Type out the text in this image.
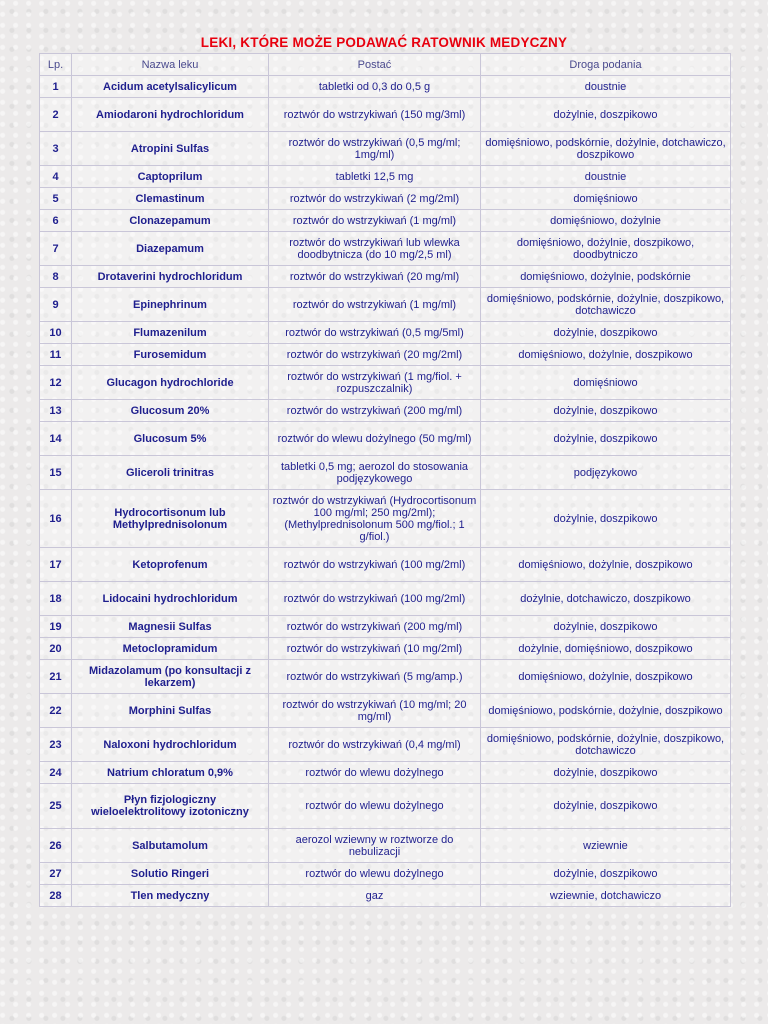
LEKI, KTÓRE MOŻE PODAWAĆ RATOWNIK MEDYCZNY
Lp.	Nazwa leku	Postać	Droga podania
1	Acidum acetylsalicylicum	tabletki od 0,3 do 0,5 g	doustnie
2	Amiodaroni hydrochloridum	roztwór do wstrzykiwań (150 mg/3ml)	dożylnie, doszpikowo
3	Atropini Sulfas	roztwór do wstrzykiwań (0,5 mg/ml; 1mg/ml)	domięśniowo, podskórnie, dożylnie, dotchawiczo, doszpikowo
4	Captoprilum	tabletki 12,5 mg	doustnie
5	Clemastinum	roztwór do wstrzykiwań (2 mg/2ml)	domięśniowo
6	Clonazepamum	roztwór do wstrzykiwań (1 mg/ml)	domięśniowo, dożylnie
7	Diazepamum	roztwór do wstrzykiwań lub wlewka doodbytnicza (do 10 mg/2,5 ml)	domięśniowo, dożylnie, doszpikowo, doodbytniczo
8	Drotaverini hydrochloridum	roztwór do wstrzykiwań (20 mg/ml)	domięśniowo, dożylnie, podskórnie
9	Epinephrinum	roztwór do wstrzykiwań (1 mg/ml)	domięśniowo, podskórnie, dożylnie, doszpikowo, dotchawiczo
10	Flumazenilum	roztwór do wstrzykiwań (0,5 mg/5ml)	dożylnie, doszpikowo
11	Furosemidum	roztwór do wstrzykiwań (20 mg/2ml)	domięśniowo, dożylnie, doszpikowo
12	Glucagon hydrochloride	roztwór do wstrzykiwań (1 mg/fiol. + rozpuszczalnik)	domięśniowo
13	Glucosum 20%	roztwór do wstrzykiwań (200 mg/ml)	dożylnie, doszpikowo
14	Glucosum 5%	roztwór do wlewu dożylnego (50 mg/ml)	dożylnie, doszpikowo
15	Gliceroli trinitras	tabletki 0,5 mg; aerozol do stosowania podjęzykowego	podjęzykowo
16	Hydrocortisonum lub Methylprednisolonum	roztwór do wstrzykiwań (Hydrocortisonum 100 mg/ml; 250 mg/2ml); (Methylprednisolonum 500 mg/fiol.; 1 g/fiol.)	dożylnie, doszpikowo
17	Ketoprofenum	roztwór do wstrzykiwań (100 mg/2ml)	domięśniowo, dożylnie, doszpikowo
18	Lidocaini hydrochloridum	roztwór do wstrzykiwań (100 mg/2ml)	dożylnie, dotchawiczo, doszpikowo
19	Magnesii Sulfas	roztwór do wstrzykiwań (200 mg/ml)	dożylnie, doszpikowo
20	Metoclopramidum	roztwór do wstrzykiwań (10 mg/2ml)	dożylnie, domięśniowo, doszpikowo
21	Midazolamum (po konsultacji z lekarzem)	roztwór do wstrzykiwań (5 mg/amp.)	domięśniowo, dożylnie, doszpikowo
22	Morphini Sulfas	roztwór do wstrzykiwań (10 mg/ml; 20 mg/ml)	domięśniowo, podskórnie, dożylnie, doszpikowo
23	Naloxoni hydrochloridum	roztwór do wstrzykiwań (0,4 mg/ml)	domięśniowo, podskórnie, dożylnie, doszpikowo, dotchawiczo
24	Natrium chloratum 0,9%	roztwór do wlewu dożylnego	dożylnie, doszpikowo
25	Płyn fizjologiczny wieloelektrolitowy izotoniczny	roztwór do wlewu dożylnego	dożylnie, doszpikowo
26	Salbutamolum	aerozol wziewny w roztworze do nebulizacji	wziewnie
27	Solutio Ringeri	roztwór do wlewu dożylnego	dożylnie, doszpikowo
28	Tlen medyczny	gaz	wziewnie, dotchawiczo
